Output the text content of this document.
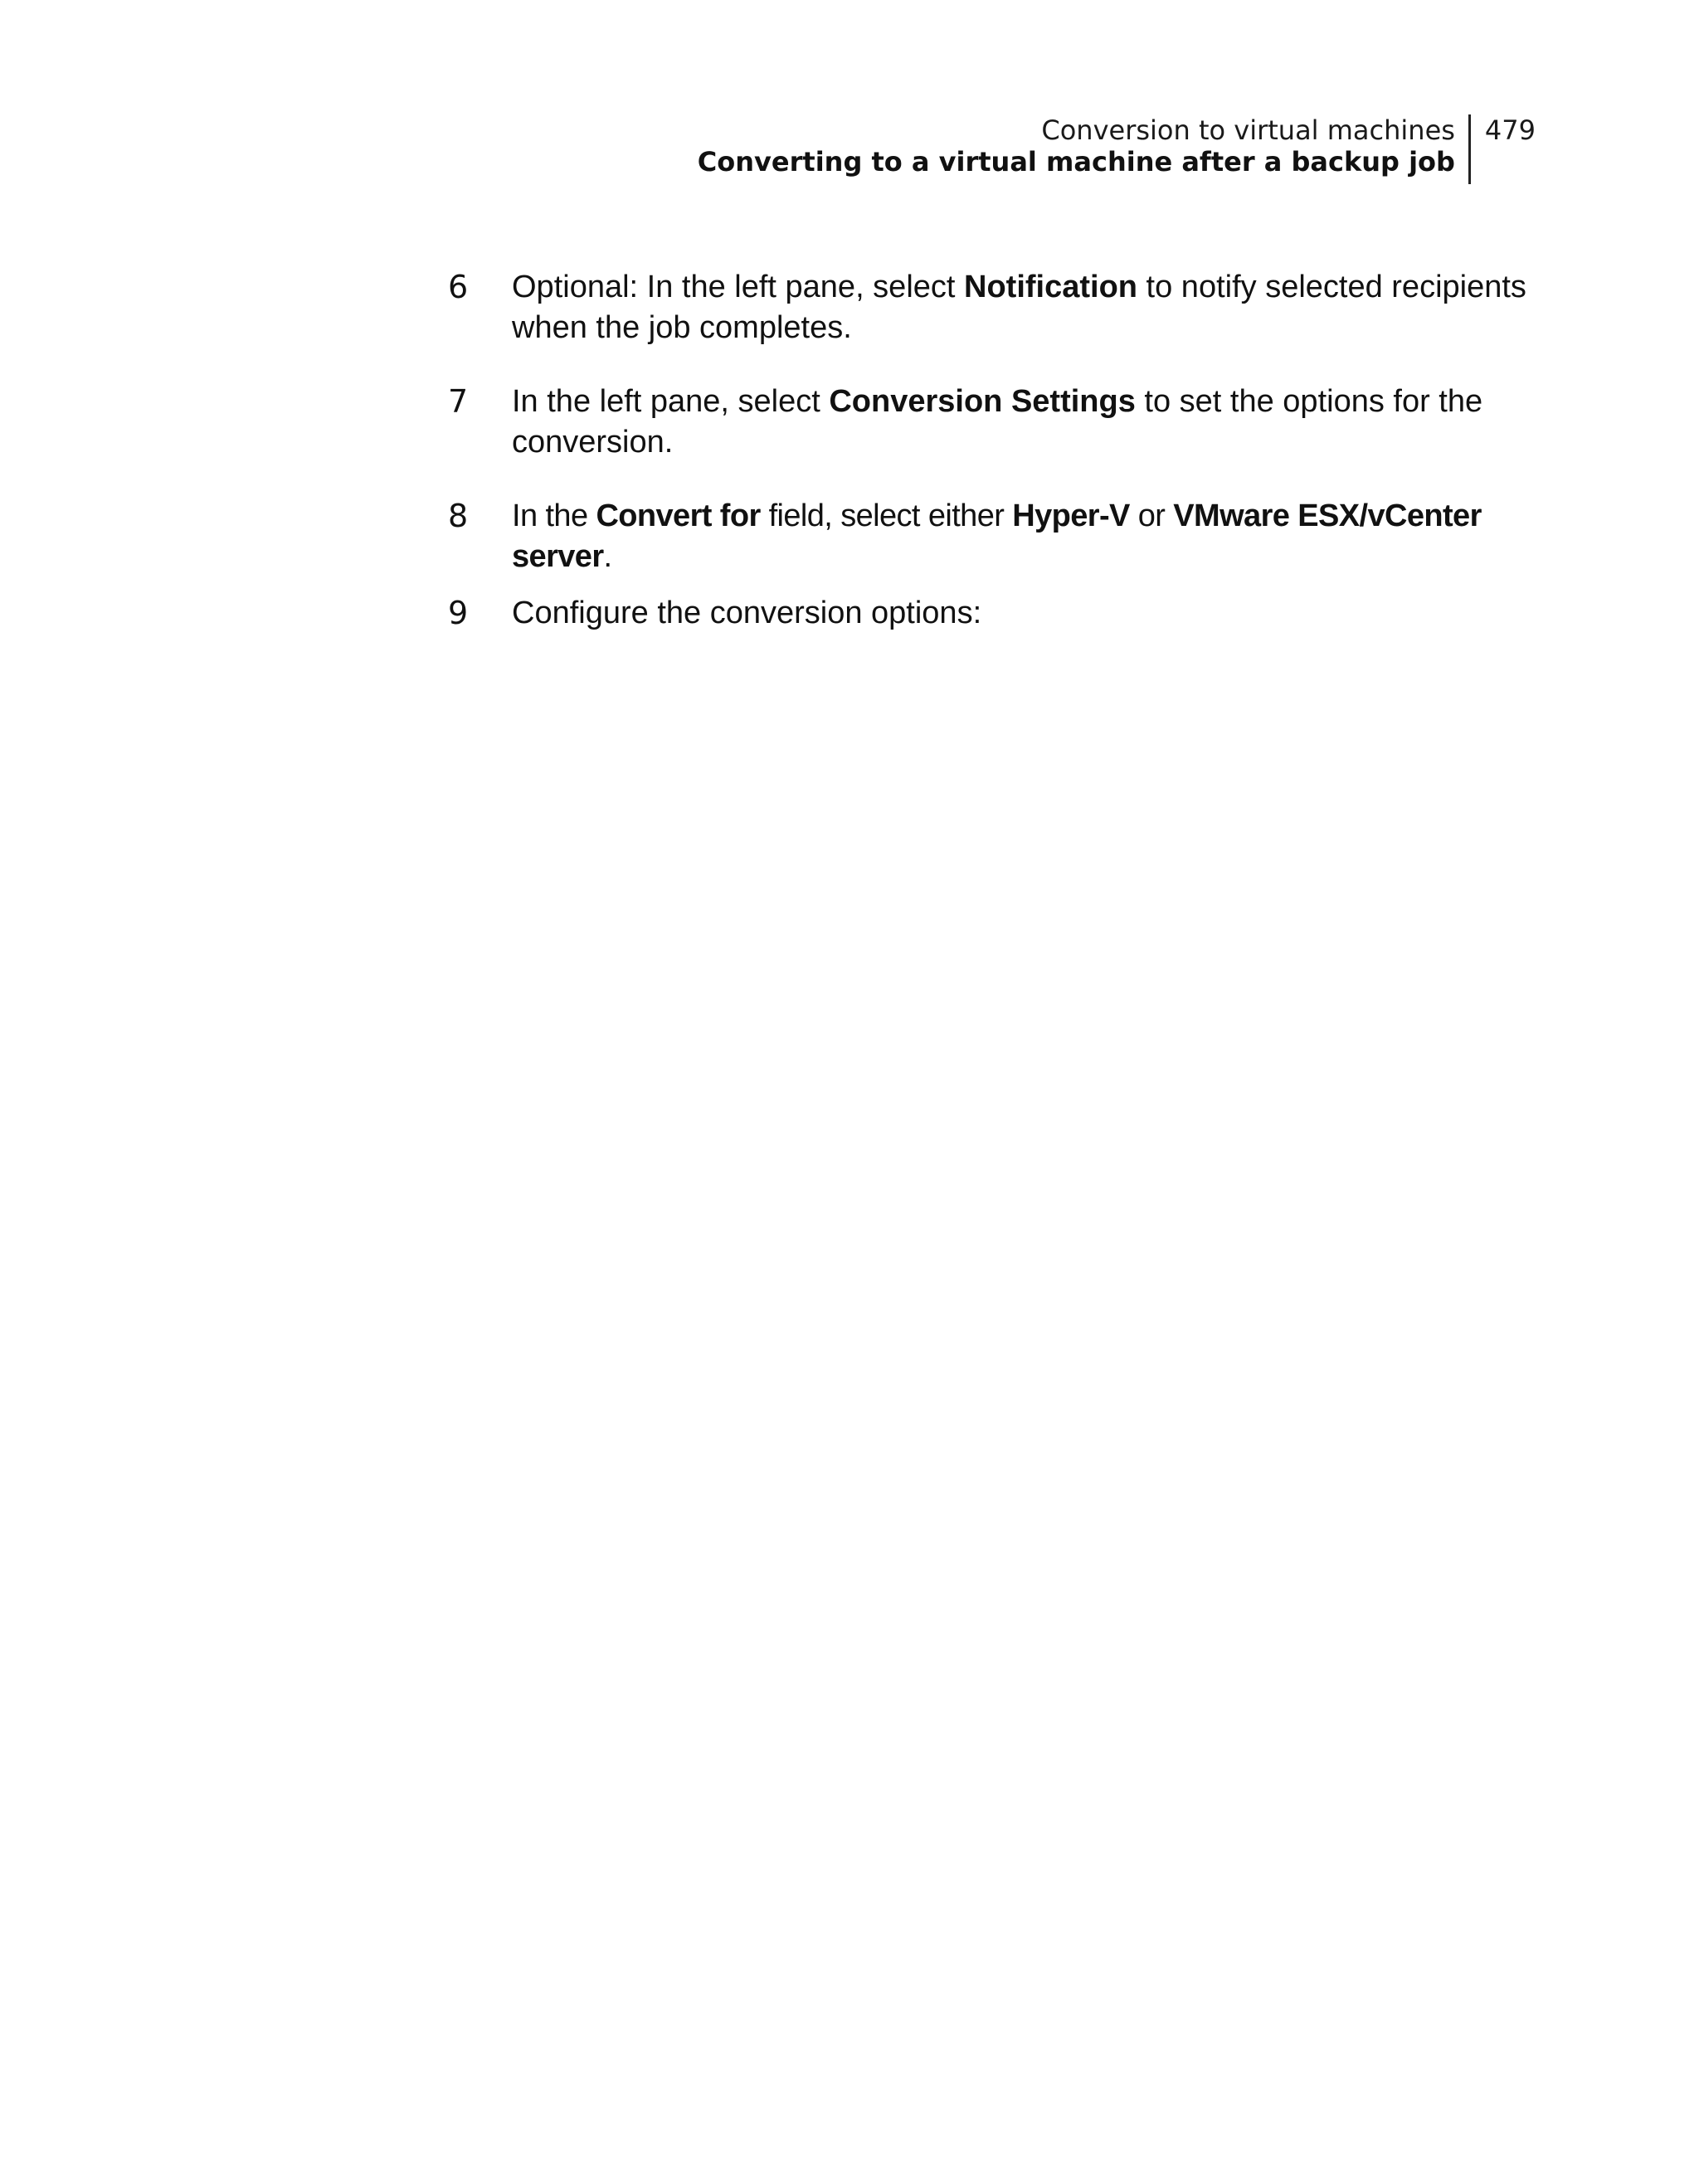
Conversion to virtual machines
Converting to a virtual machine after a backup job
479
6	Optional: In the left pane, select Notification to notify selected recipients when the job completes.
7	In the left pane, select Conversion Settings to set the options for the conversion.
8	In the Convert for field, select either Hyper-V or VMware ESX/vCenter server.
9	Configure the conversion options:
